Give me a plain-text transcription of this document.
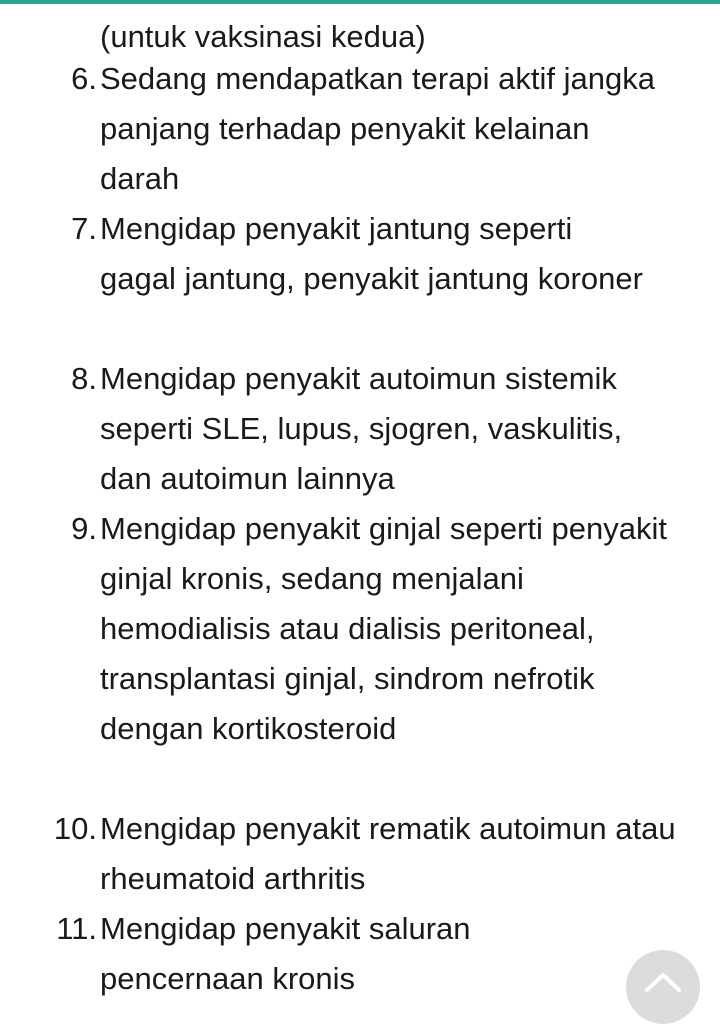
(untuk vaksinasi kedua)
6. Sedang mendapatkan terapi aktif jangka panjang terhadap penyakit kelainan darah
7. Mengidap penyakit jantung seperti gagal jantung, penyakit jantung koroner
8. Mengidap penyakit autoimun sistemik seperti SLE, lupus, sjogren, vaskulitis, dan autoimun lainnya
9. Mengidap penyakit ginjal seperti penyakit ginjal kronis, sedang menjalani hemodialisis atau dialisis peritoneal, transplantasi ginjal, sindrom nefrotik dengan kortikosteroid
10. Mengidap penyakit rematik autoimun atau rheumatoid arthritis
11. Mengidap penyakit saluran pencernaan kronis
